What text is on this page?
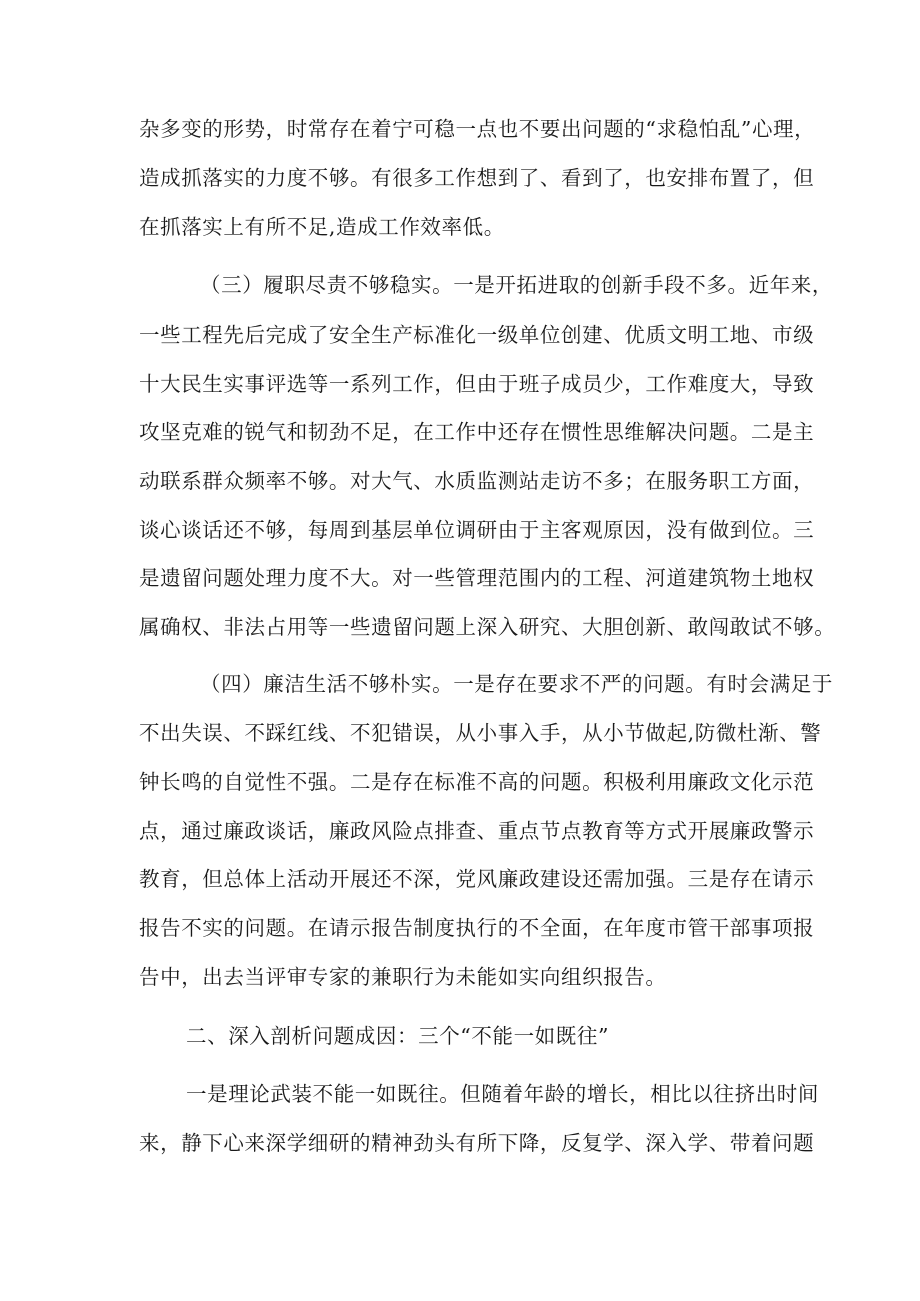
杂多变的形势，时常存在着宁可稳一点也不要出问题的“求稳怕乱”心理，
造成抓落实的力度不够。有很多工作想到了、看到了，也安排布置了，但
在抓落实上有所不足,造成工作效率低。
（三）履职尽责不够稳实。一是开拓进取的创新手段不多。近年来，
一些工程先后完成了安全生产标准化一级单位创建、优质文明工地、市级
十大民生实事评选等一系列工作，但由于班子成员少，工作难度大，导致
攻坚克难的锐气和韧劲不足，在工作中还存在惯性思维解决问题。二是主
动联系群众频率不够。对大气、水质监测站走访不多；在服务职工方面，
谈心谈话还不够，每周到基层单位调研由于主客观原因，没有做到位。三
是遗留问题处理力度不大。对一些管理范围内的工程、河道建筑物土地权
属确权、非法占用等一些遗留问题上深入研究、大胆创新、敢闯敢试不够。
（四）廉洁生活不够朴实。一是存在要求不严的问题。有时会满足于
不出失误、不踩红线、不犯错误，从小事入手，从小节做起,防微杜渐、警
钟长鸣的自觉性不强。二是存在标准不高的问题。积极利用廉政文化示范
点，通过廉政谈话，廉政风险点排查、重点节点教育等方式开展廉政警示
教育，但总体上活动开展还不深，党风廉政建设还需加强。三是存在请示
报告不实的问题。在请示报告制度执行的不全面，在年度市管干部事项报
告中，出去当评审专家的兼职行为未能如实向组织报告。
二、深入剖析问题成因：三个“不能一如既往”
一是理论武装不能一如既往。但随着年龄的增长，相比以往挤出时间
来，静下心来深学细研的精神劲头有所下降，反复学、深入学、带着问题
